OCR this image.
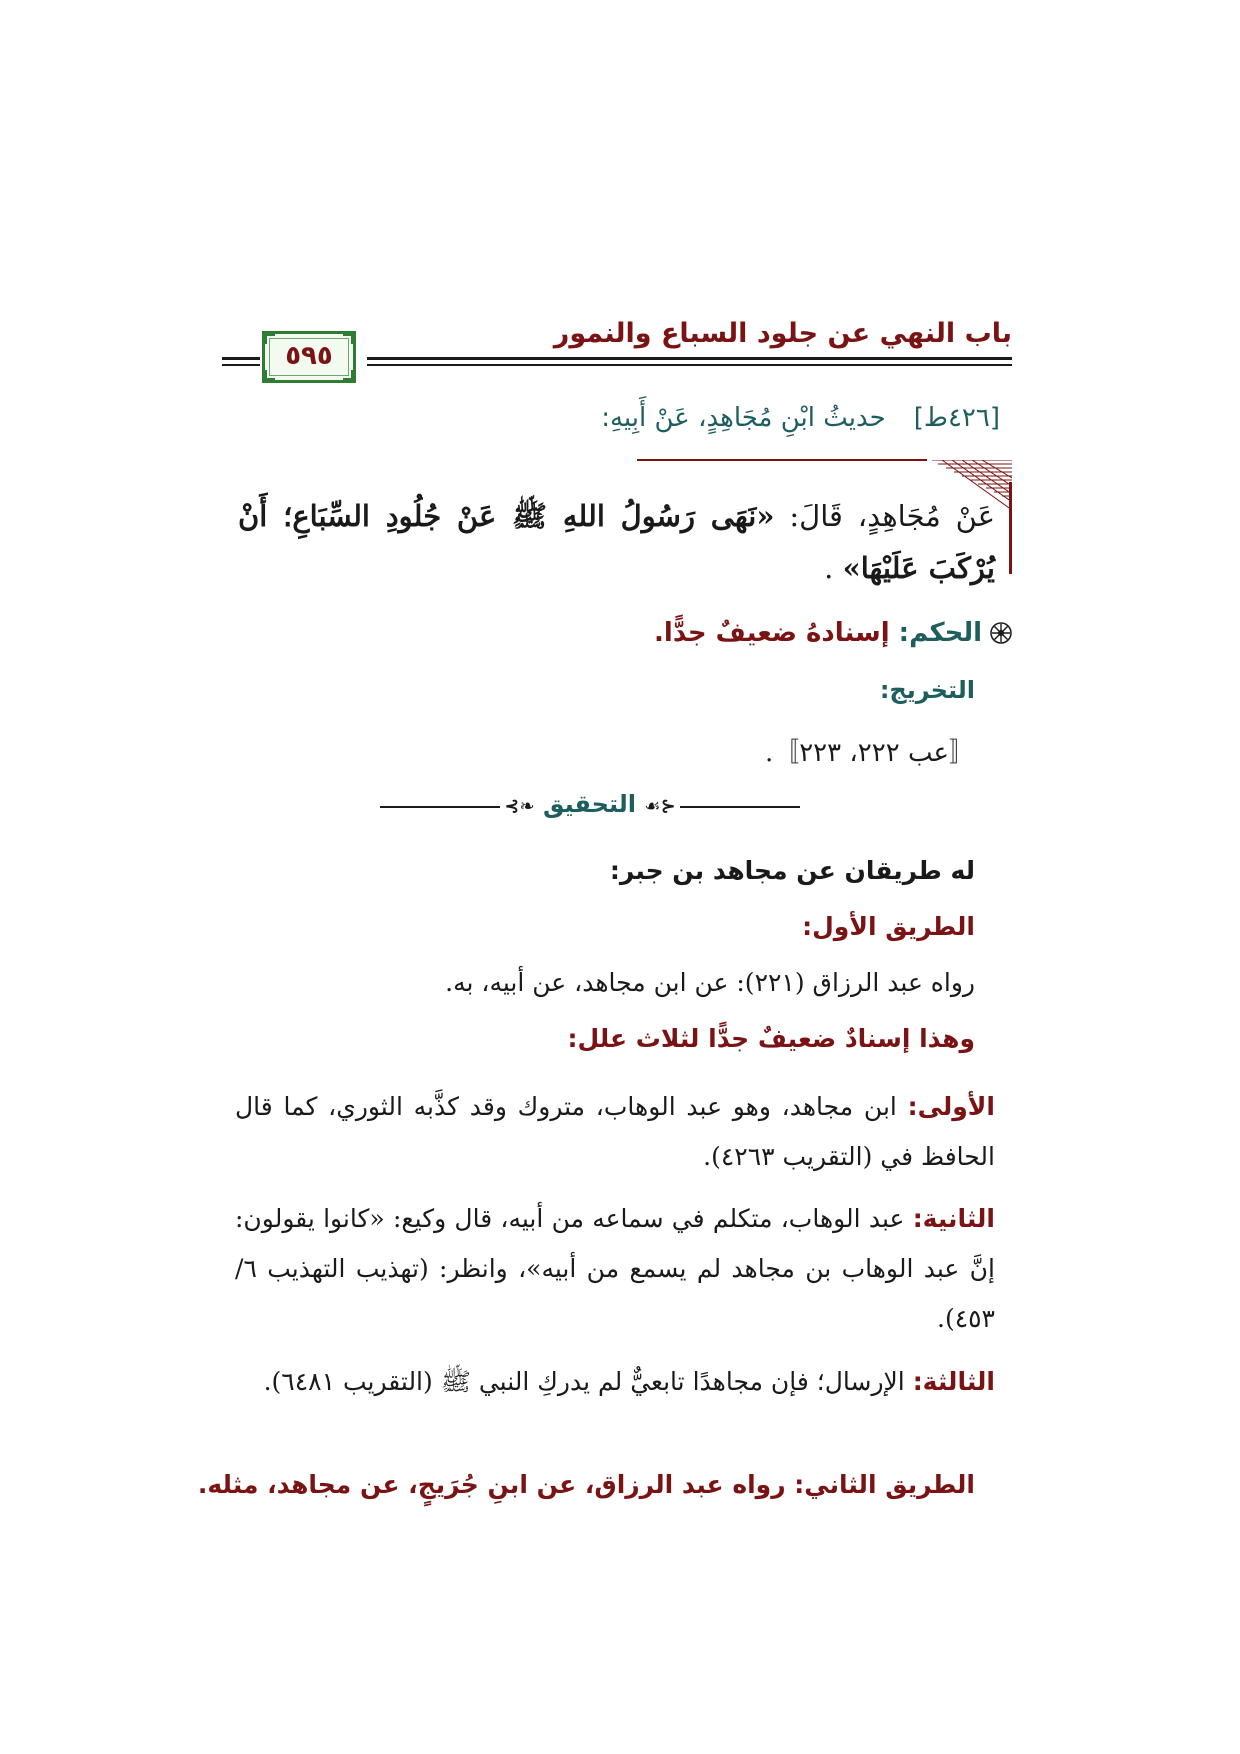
باب النهي عن جلود السباع والنمور
٥٩٥
[٤٢٦ط]حديثُ ابْنِ مُجَاهِدٍ، عَنْ أَبِيهِ:
عَنْ مُجَاهِدٍ، قَالَ: «نَهَى رَسُولُ اللهِ ﷺ عَنْ جُلُودِ السِّبَاعِ؛ أَنْ يُرْكَبَ عَلَيْهَا» .
الحكم: إسنادهُ ضعيفٌ جدًّا.
التخريج:
〚عب ٢٢٢، ٢٢٣〛.
⊰☙ التحقيق ❧⊱
له طريقان عن مجاهد بن جبر:
الطريق الأول:
رواه عبد الرزاق (٢٢١): عن ابن مجاهد، عن أبيه، به.
وهذا إسنادٌ ضعيفٌ جدًّا لثلاث علل:
الأولى: ابن مجاهد، وهو عبد الوهاب، متروك وقد كذَّبه الثوري، كما قال الحافظ في (التقريب ٤٢٦٣).
الثانية: عبد الوهاب، متكلم في سماعه من أبيه، قال وكيع: «كانوا يقولون: إنَّ عبد الوهاب بن مجاهد لم يسمع من أبيه»، وانظر: (تهذيب التهذيب ٦/ ٤٥٣).
الثالثة: الإرسال؛ فإن مجاهدًا تابعيٌّ لم يدركِ النبي ﷺ (التقريب ٦٤٨١).
الطريق الثاني: رواه عبد الرزاق، عن ابنِ جُرَيجٍ، عن مجاهد، مثله.
